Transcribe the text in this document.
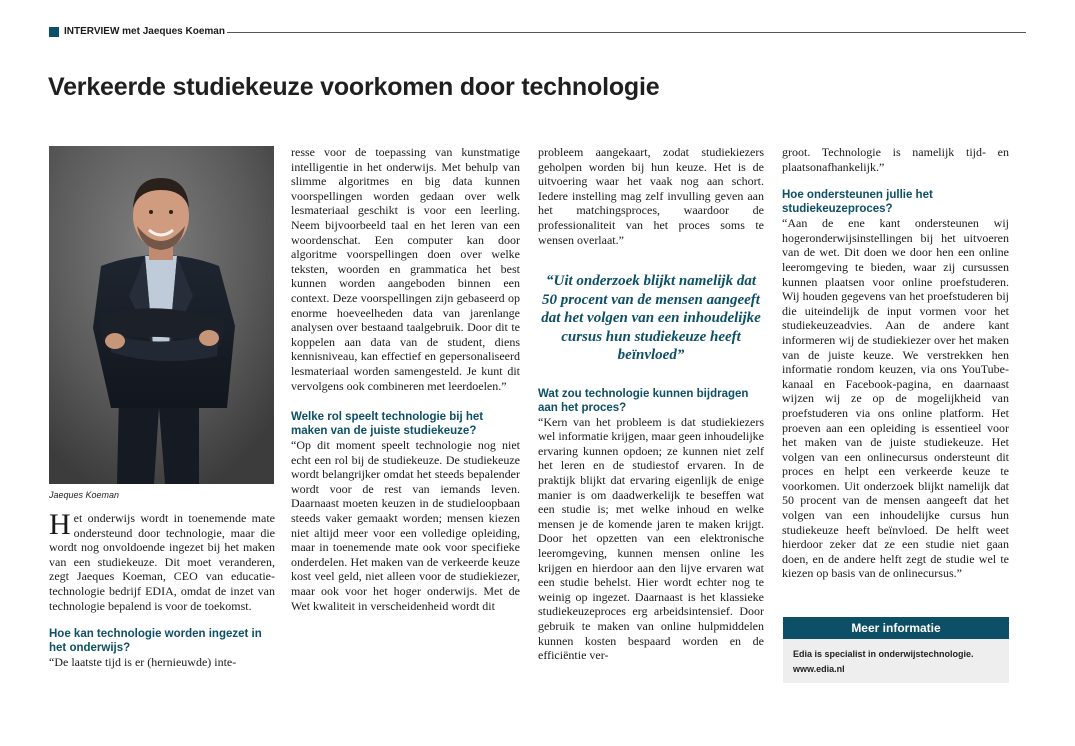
INTERVIEW met Jaeques Koeman
Verkeerde studiekeuze voorkomen door technologie
Jaeques Koeman

Het onderwijs wordt in toenemende mate ondersteund door technologie, maar die wordt nog onvoldoende ingezet bij het maken van een studiekeuze. Dit moet veranderen, zegt Jaeques Koeman, CEO van educatie-technologie bedrijf EDIA, omdat de inzet van technologie bepalend is voor de toekomst.

Hoe kan technologie worden ingezet in het onderwijs?

“De laatste tijd is er (hernieuwde) inte-

resse voor de toepassing van kunstmatige intelligentie in het onderwijs. Met behulp van slimme algoritmes en big data kunnen voorspellingen worden gedaan over welk lesmateriaal geschikt is voor een leerling. Neem bijvoorbeeld taal en het leren van een woordenschat. Een computer kan door algoritme voorspellingen doen over welke teksten, woorden en grammatica het best kunnen worden aangeboden binnen een context. Deze voorspellingen zijn gebaseerd op enorme hoeveelheden data van jarenlange analysen over bestaand taalgebruik. Door dit te koppelen aan data van de student, diens kennisniveau, kan effectief en gepersonaliseerd lesmateriaal worden samengesteld. Je kunt dit vervolgens ook combineren met leerdoelen.”

Welke rol speelt technologie bij het maken van de juiste studiekeuze?

“Op dit moment speelt technologie nog niet echt een rol bij de studiekeuze. De studiekeuze wordt belangrijker omdat het steeds bepalender wordt voor de rest van iemands leven. Daarnaast moeten keuzen in de studieloopbaan steeds vaker gemaakt worden; mensen kiezen niet altijd meer voor een volledige opleiding, maar in toenemende mate ook voor specifieke onderdelen. Het maken van de verkeerde keuze kost veel geld, niet alleen voor de studiekiezer, maar ook voor het hoger onderwijs. Met de Wet kwaliteit in verscheidenheid wordt dit

probleem aangekaart, zodat studiekiezers geholpen worden bij hun keuze. Het is de uitvoering waar het vaak nog aan schort. Iedere instelling mag zelf invulling geven aan het matchingsproces, waardoor de professionaliteit van het proces soms te wensen overlaat.”

“Uit onderzoek blijkt namelijk dat 50 procent van de mensen aangeeft dat het volgen van een inhoudelijke cursus hun studiekeuze heeft beïnvloed”

Wat zou technologie kunnen bijdragen aan het proces?

“Kern van het probleem is dat studiekiezers wel informatie krijgen, maar geen inhoudelijke ervaring kunnen opdoen; ze kunnen niet zelf het leren en de studiestof ervaren. In de praktijk blijkt dat ervaring eigenlijk de enige manier is om daadwerkelijk te beseffen wat een studie is; met welke inhoud en welke mensen je de komende jaren te maken krijgt. Door het opzetten van een elektronische leeromgeving, kunnen mensen online les krijgen en hierdoor aan den lijve ervaren wat een studie behelst. Hier wordt echter nog te weinig op ingezet. Daarnaast is het klassieke studiekeuzeproces erg arbeidsintensief. Door gebruik te maken van online hulpmiddelen kunnen kosten bespaard worden en de efficiëntie ver-

groot. Technologie is namelijk tijd- en plaatsonafhankelijk.”

Hoe ondersteunen jullie het studiekeuzeproces?

“Aan de ene kant ondersteunen wij hogeronderwijsinstellingen bij het uitvoeren van de wet. Dit doen we door hen een online leeromgeving te bieden, waar zij cursussen kunnen plaatsen voor online proefstuderen. Wij houden gegevens van het proefstuderen bij die uiteindelijk de input vormen voor het studiekeuzeadvies. Aan de andere kant informeren wij de studiekiezer over het maken van de juiste keuze. We verstrekken hen informatie rondom keuzen, via ons YouTube-kanaal en Facebook-pagina, en daarnaast wijzen wij ze op de mogelijkheid van proefstuderen via ons online platform. Het proeven aan een opleiding is essentieel voor het maken van de juiste studiekeuze. Het volgen van een onlinecursus ondersteunt dit proces en helpt een verkeerde keuze te voorkomen. Uit onderzoek blijkt namelijk dat 50 procent van de mensen aangeeft dat het volgen van een inhoudelijke cursus hun studiekeuze heeft beïnvloed. De helft weet hierdoor zeker dat ze een studie niet gaan doen, en de andere helft zegt de studie wel te kiezen op basis van de onlinecursus.”

Meer informatie
Edia is specialist in onderwijstechnologie.
www.edia.nl
